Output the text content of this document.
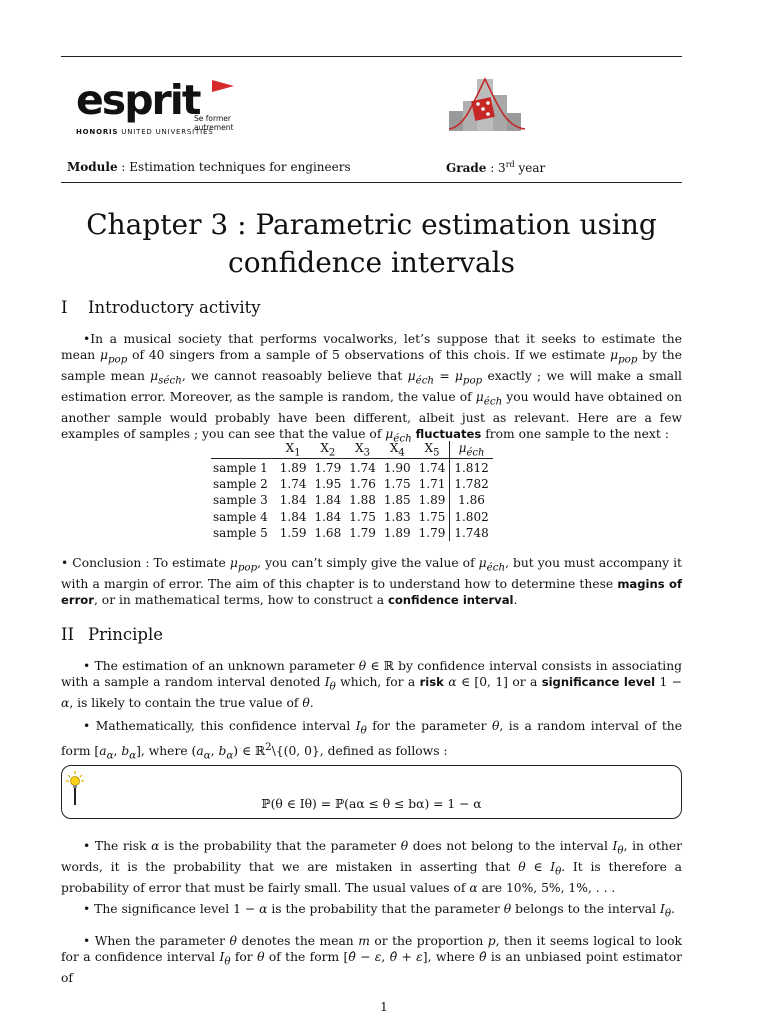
esprit
Se former autrement
HONORIS UNITED UNIVERSITIES
Module : Estimation techniques for engineers	Grade : 3rd year
Chapter 3 : Parametric estimation using
confidence intervals
I Introductory activity
•In a musical society that performs vocalworks, let’s suppose that it seeks to estimate the mean $\mu_{pop}$ of 40 singers from a sample of 5 observations of this chois. If we estimate $\mu_{pop}$ by the sample mean $\mu_{séch}$, we cannot reasoably believe that $\mu_{éch} = \mu_{pop}$ exactly ; we will make a small estimation error. Moreover, as the sample is random, the value of $\mu_{éch}$ you would have obtained on another sample would probably have been different, albeit just as relevant. Here are a few examples of samples ; you can see that the value of $\mu_{éch}$ fluctuates from one sample to the next :
	$X_1$	$X_2$	$X_3$	$X_4$	$X_5$	$\mu_{éch}$
sample 1	1.89	1.79	1.74	1.90	1.74	1.812
sample 2	1.74	1.95	1.76	1.75	1.71	1.782
sample 3	1.84	1.84	1.88	1.85	1.89	1.86
sample 4	1.84	1.84	1.75	1.83	1.75	1.802
sample 5	1.59	1.68	1.79	1.89	1.79	1.748
• Conclusion : To estimate $\mu_{pop}$, you can’t simply give the value of $\mu_{éch}$, but you must accompany it with a margin of error. The aim of this chapter is to understand how to determine these magins of error, or in mathematical terms, how to construct a confidence interval.
II Principle
• The estimation of an unknown parameter θ ∈ ℝ by confidence interval consists in associating with a sample a random interval denoted $I_\theta$ which, for a risk α ∈ [0, 1] or a significance level 1 − α, is likely to contain the true value of θ.
• Mathematically, this confidence interval $I_\theta$ for the parameter θ, is a random interval of the form [$a_\alpha$, $b_\alpha$], where ($a_\alpha$, $b_\alpha$) ∈ ℝ$^2$\{(0, 0}, defined as follows :
ℙ(θ ∈ Iθ) = ℙ(aα ≤ θ ≤ bα) = 1 − α
• The risk α is the probability that the parameter θ does not belong to the interval $I_\theta$, in other words, it is the probability that we are mistaken in asserting that θ ∈ $I_\theta$. It is therefore a probability of error that must be fairly small. The usual values of α are 10%, 5%, 1%, . . .
• The significance level 1 − α is the probability that the parameter θ belongs to the interval $I_\theta$.
• When the parameter θ denotes the mean m or the proportion p, then it seems logical to look for a confidence interval $I_\theta$ for θ of the form [θ̂ − ε, θ̂ + ε], where θ̂ is an unbiased point estimator of
1
